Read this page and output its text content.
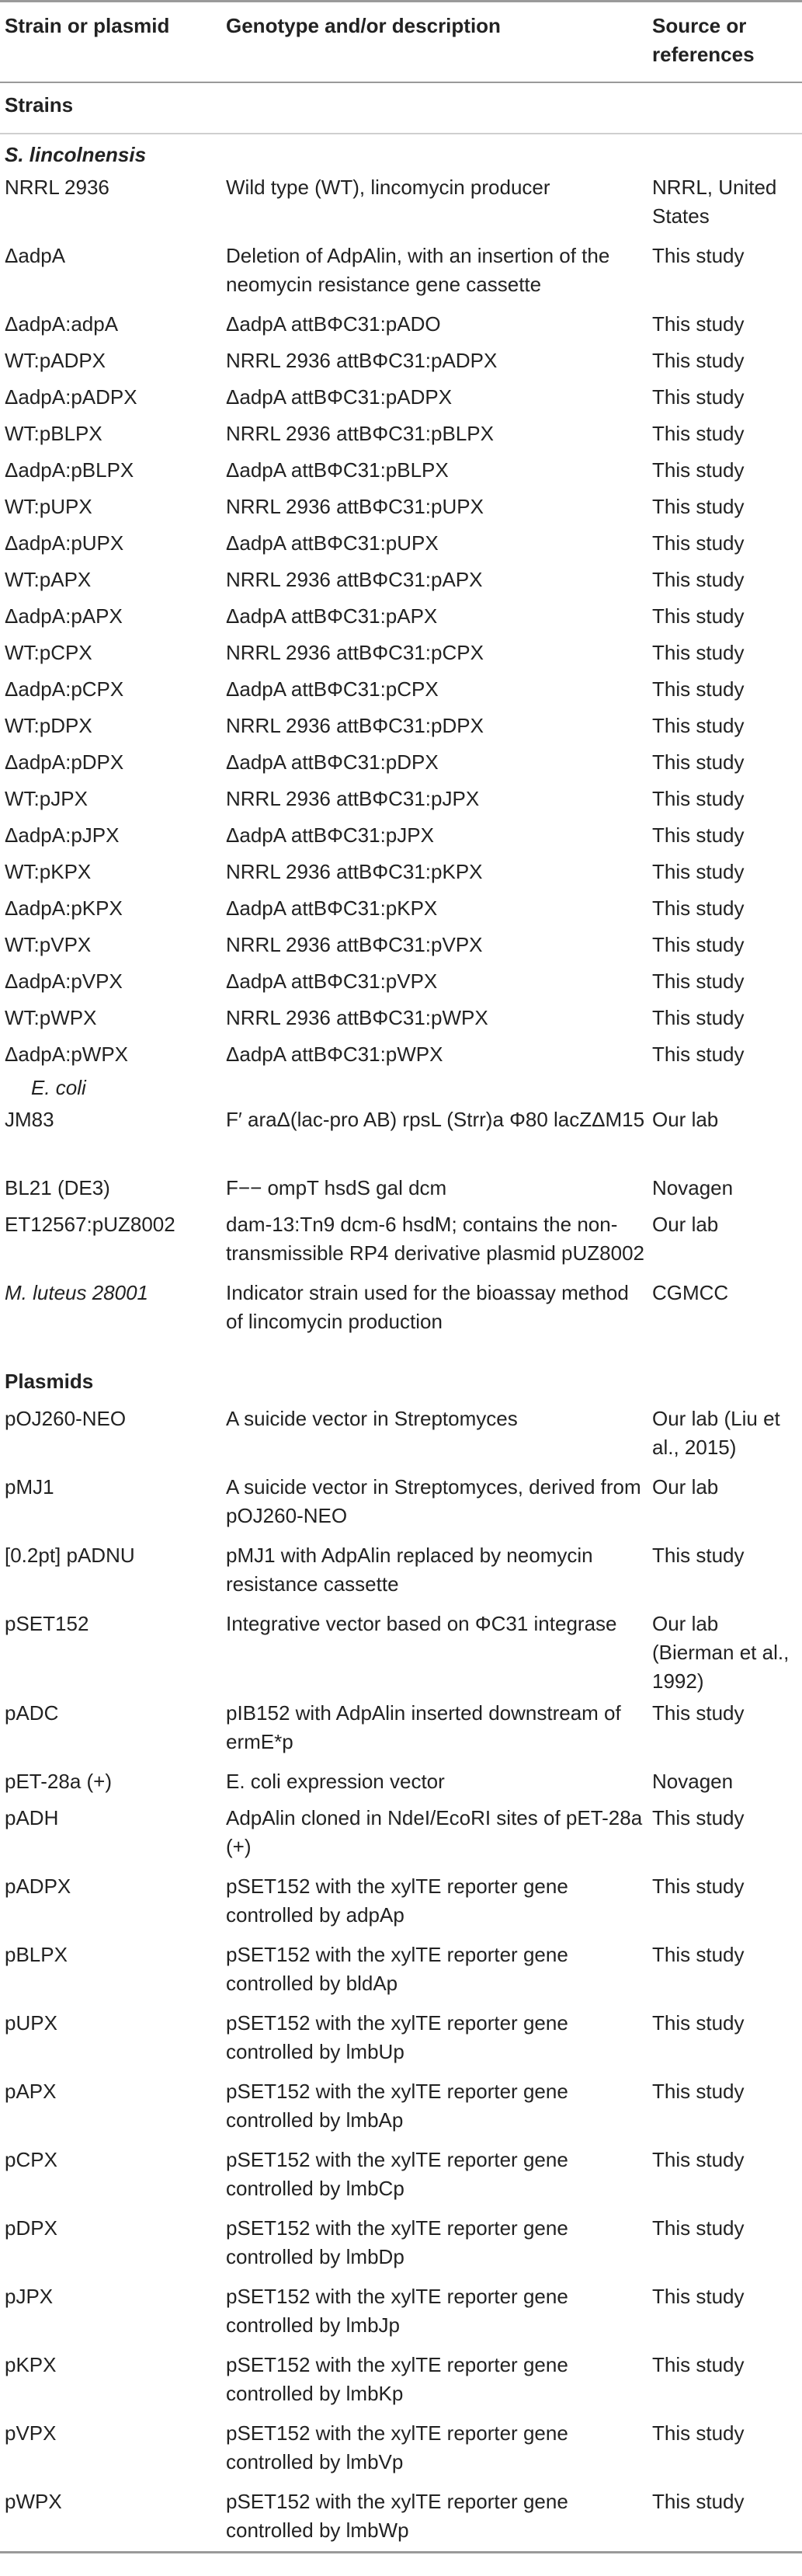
Strain or plasmid	Genotype and/or description	Source or references
Strains		
S. lincolnensis		
NRRL 2936	Wild type (WT), lincomycin producer	NRRL, United States
ΔadpA	Deletion of AdpAlin, with an insertion of the neomycin resistance gene cassette	This study
ΔadpA:adpA	ΔadpA attBΦC31:pADO	This study
WT:pADPX	NRRL 2936 attBΦC31:pADPX	This study
ΔadpA:pADPX	ΔadpA attBΦC31:pADPX	This study
WT:pBLPX	NRRL 2936 attBΦC31:pBLPX	This study
ΔadpA:pBLPX	ΔadpA attBΦC31:pBLPX	This study
WT:pUPX	NRRL 2936 attBΦC31:pUPX	This study
ΔadpA:pUPX	ΔadpA attBΦC31:pUPX	This study
WT:pAPX	NRRL 2936 attBΦC31:pAPX	This study
ΔadpA:pAPX	ΔadpA attBΦC31:pAPX	This study
WT:pCPX	NRRL 2936 attBΦC31:pCPX	This study
ΔadpA:pCPX	ΔadpA attBΦC31:pCPX	This study
WT:pDPX	NRRL 2936 attBΦC31:pDPX	This study
ΔadpA:pDPX	ΔadpA attBΦC31:pDPX	This study
WT:pJPX	NRRL 2936 attBΦC31:pJPX	This study
ΔadpA:pJPX	ΔadpA attBΦC31:pJPX	This study
WT:pKPX	NRRL 2936 attBΦC31:pKPX	This study
ΔadpA:pKPX	ΔadpA attBΦC31:pKPX	This study
WT:pVPX	NRRL 2936 attBΦC31:pVPX	This study
ΔadpA:pVPX	ΔadpA attBΦC31:pVPX	This study
WT:pWPX	NRRL 2936 attBΦC31:pWPX	This study
ΔadpA:pWPX	ΔadpA attBΦC31:pWPX	This study
E. coli		
JM83	F′ araΔ(lac-pro AB) rpsL (Strr)a Φ80 lacZΔM15	Our lab
BL21 (DE3)	F−− ompT hsdS gal dcm	Novagen
ET12567:pUZ8002	dam-13:Tn9 dcm-6 hsdM; contains the non-transmissible RP4 derivative plasmid pUZ8002	Our lab
M. luteus 28001	Indicator strain used for the bioassay method of lincomycin production	CGMCC
Plasmids		
pOJ260-NEO	A suicide vector in Streptomyces	Our lab (Liu et al., 2015)
pMJ1	A suicide vector in Streptomyces, derived from pOJ260-NEO	Our lab
[0.2pt] pADNU	pMJ1 with AdpAlin replaced by neomycin resistance cassette	This study
pSET152	Integrative vector based on ΦC31 integrase	Our lab (Bierman et al., 1992)
pADC	pIB152 with AdpAlin inserted downstream of ermE*p	This study
pET-28a (+)	E. coli expression vector	Novagen
pADH	AdpAlin cloned in NdeI/EcoRI sites of pET-28a (+)	This study
pADPX	pSET152 with the xylTE reporter gene controlled by adpAp	This study
pBLPX	pSET152 with the xylTE reporter gene controlled by bldAp	This study
pUPX	pSET152 with the xylTE reporter gene controlled by lmbUp	This study
pAPX	pSET152 with the xylTE reporter gene controlled by lmbAp	This study
pCPX	pSET152 with the xylTE reporter gene controlled by lmbCp	This study
pDPX	pSET152 with the xylTE reporter gene controlled by lmbDp	This study
pJPX	pSET152 with the xylTE reporter gene controlled by lmbJp	This study
pKPX	pSET152 with the xylTE reporter gene controlled by lmbKp	This study
pVPX	pSET152 with the xylTE reporter gene controlled by lmbVp	This study
pWPX	pSET152 with the xylTE reporter gene controlled by lmbWp	This study
